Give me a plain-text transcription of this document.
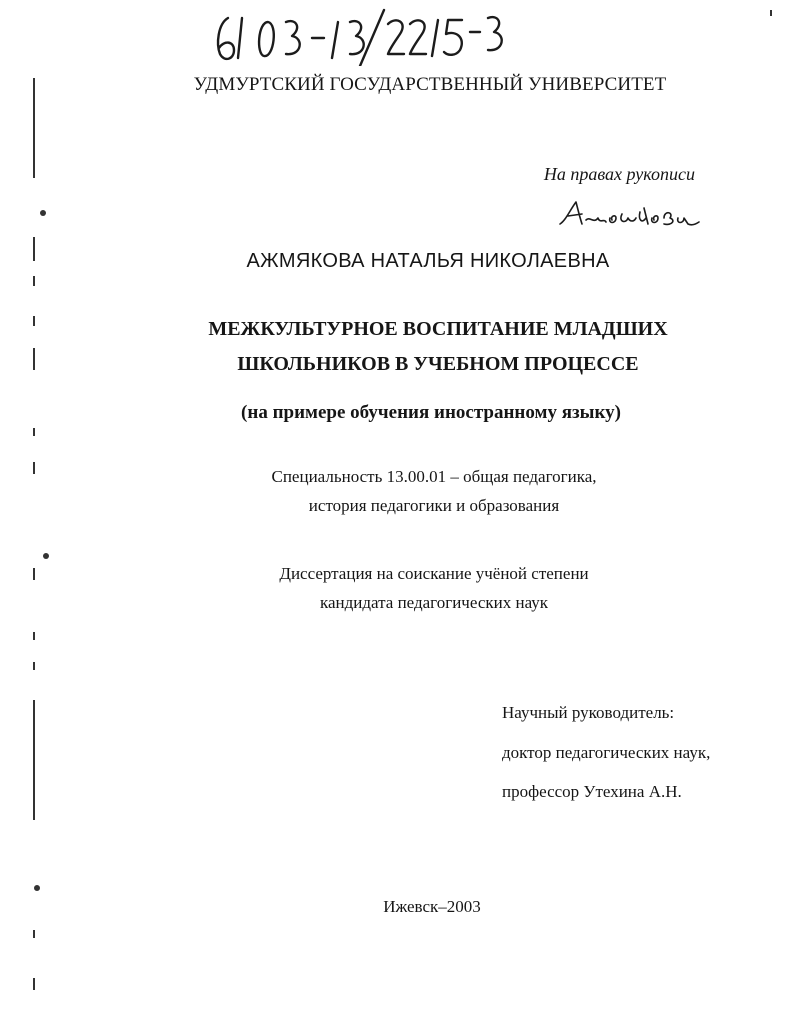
УДМУРТСКИЙ ГОСУДАРСТВЕННЫЙ УНИВЕРСИТЕТ
На правах рукописи
АЖМЯКОВА НАТАЛЬЯ НИКОЛАЕВНА
МЕЖКУЛЬТУРНОЕ ВОСПИТАНИЕ МЛАДШИХ
ШКОЛЬНИКОВ В УЧЕБНОМ ПРОЦЕССЕ
(на примере обучения иностранному языку)
Специальность 13.00.01 – общая педагогика,
история педагогики и образования
Диссертация на соискание учёной степени
кандидата педагогических наук
Научный руководитель:
доктор педагогических наук,
профессор Утехина А.Н.
Ижевск–2003
